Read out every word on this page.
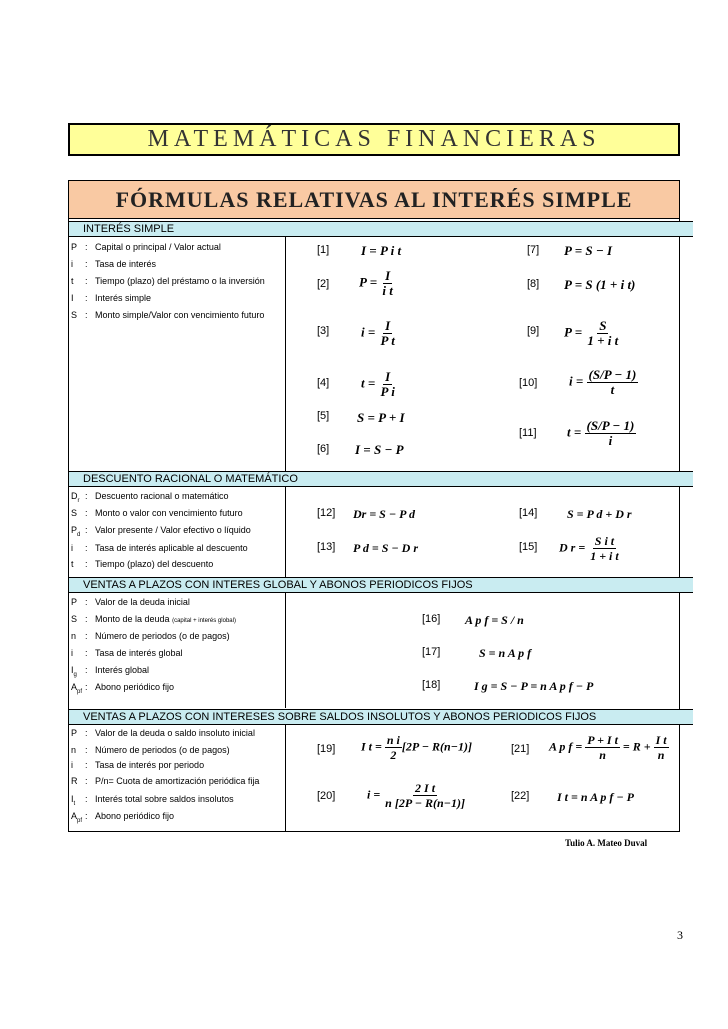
MATEMÁTICAS FINANCIERAS
FÓRMULAS RELATIVAS AL INTERÉS SIMPLE
INTERÉS SIMPLE
P : Capital o principal / Valor actual
i : Tasa de interés
t : Tiempo (plazo) del préstamo o la inversión
I : Interés simple
S : Monto simple/Valor con vencimiento futuro
[1] I = P i t
[2] $P = \frac{I}{\text{i t}}$
[3] $i = \frac{I}{\text{P t}}$
[4] $t = \frac{I}{\text{P i}}$
[5] S = P + I
[6] I = S − P
[7] P = S − I
[8] P = S (1 + i t)
[9] $P = \frac{S}{\text{1 + i t}}$
[10] $i = \frac{(S/P - 1)}{t}$
[11] $t = \frac{(S/P - 1)}{i}$
DESCUENTO RACIONAL O MATEMÁTICO
$D_r$ : Descuento racional o matemático
S : Monto o valor con vencimiento futuro
$P_d$ : Valor presente / Valor efectivo o líquido
i : Tasa de interés aplicable al descuento
t : Tiempo (plazo) del descuento
[12] Dr = S − P d
[13] P d = S − D r
[14] S = P d + D r
[15] D $r = \frac{\text{S i t}}{\text{1 + i t}}$
VENTAS A PLAZOS CON INTERES GLOBAL Y ABONOS PERIODICOS FIJOS
P : Valor de la deuda inicial
S : Monto de la deuda (capital + interés global)
n : Número de periodos (o de pagos)
i : Tasa de interés global
$I_g$ : Interés global
$A_{pf}$ : Abono periódico fijo
[16] A p f = S / n
[17]	S = n A p f
[18]	I g = S − P = n A p f − P
VENTAS A PLAZOS CON INTERESES SOBRE SALDOS INSOLUTOS Y ABONOS PERIODICOS FIJOS
P : Valor de la deuda o saldo insoluto inicial
n : Número de periodos (o de pagos)
i : Tasa de interés por periodo
R : P/n= Cuota de amortización periódica fija
$I_t$ : Interés total sobre saldos insolutos
$A_{pf}$ : Abono periódico fijo
[19] I $t = \frac{\text{n i}}{2} [2P - R(n-1)]$
[20]	$i = \frac{\text{2 I t}}{n [2P - R(n-1)]}$
[21] A p $f = \frac{\text{P + I t}}{n} = R + \frac{\text{I t}}{n}$
[22] I t = n A p f − P
Tulio A. Mateo Duval
3
